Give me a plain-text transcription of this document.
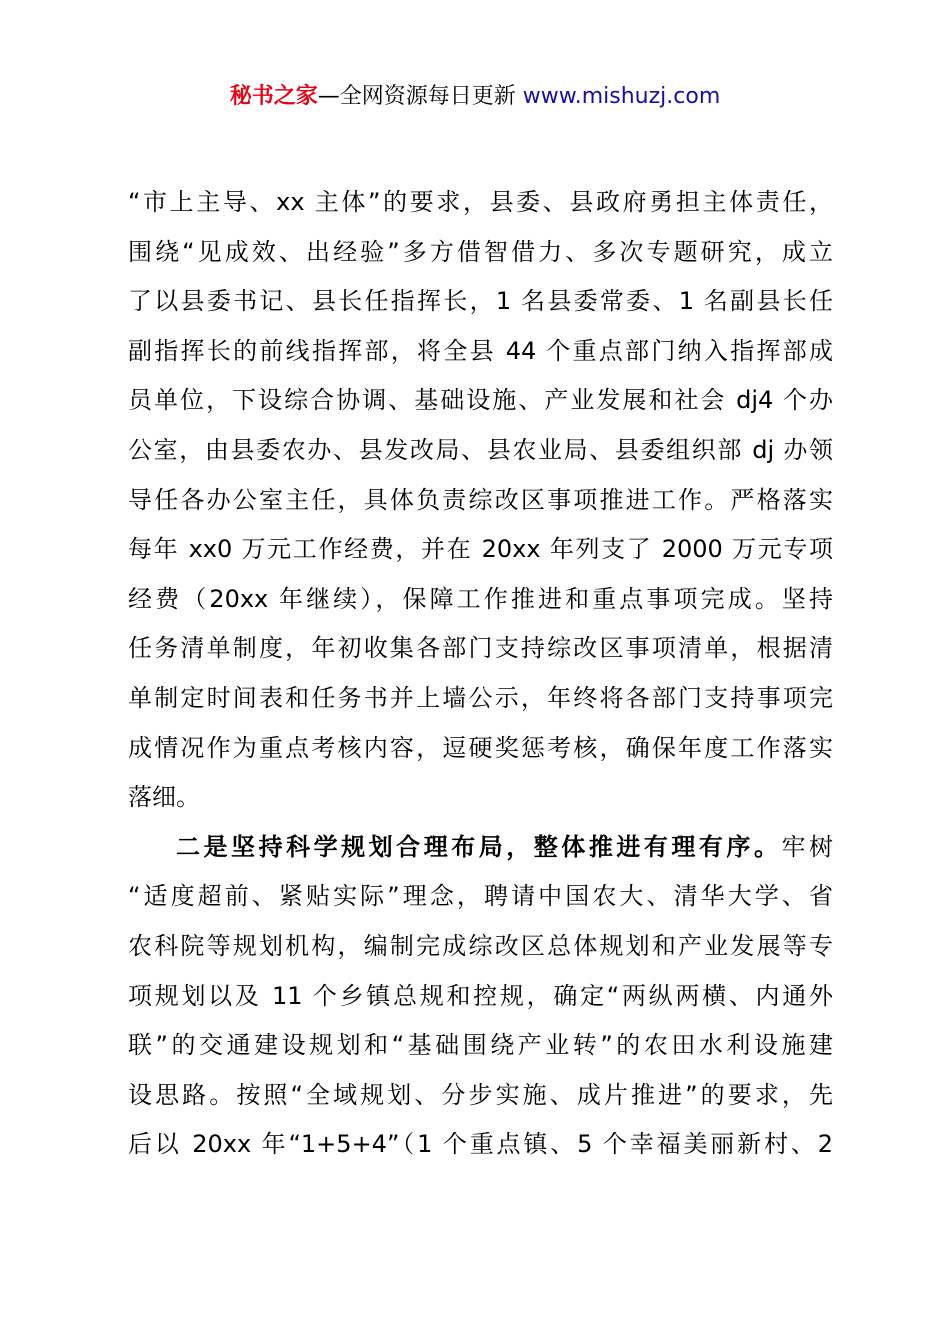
秘书之家—全网资源每日更新 www.mishuzj.com
“市上主导、xx 主体”的要求，县委、县政府勇担主体责任，
围绕“见成效、出经验”多方借智借力、多次专题研究，成立
了以县委书记、县长任指挥长，1 名县委常委、1 名副县长任
副指挥长的前线指挥部，将全县 44 个重点部门纳入指挥部成
员单位，下设综合协调、基础设施、产业发展和社会 dj4 个办
公室，由县委农办、县发改局、县农业局、县委组织部 dj 办领
导任各办公室主任，具体负责综改区事项推进工作。严格落实
每年 xx0 万元工作经费，并在 20xx 年列支了 2000 万元专项
经费（20xx 年继续），保障工作推进和重点事项完成。坚持
任务清单制度，年初收集各部门支持综改区事项清单，根据清
单制定时间表和任务书并上墙公示，年终将各部门支持事项完
成情况作为重点考核内容，逗硬奖惩考核，确保年度工作落实
落细。
二是坚持科学规划合理布局，整体推进有理有序。牢树
“适度超前、紧贴实际”理念，聘请中国农大、清华大学、省
农科院等规划机构，编制完成综改区总体规划和产业发展等专
项规划以及 11 个乡镇总规和控规，确定“两纵两横、内通外
联”的交通建设规划和“基础围绕产业转”的农田水利设施建
设思路。按照“全域规划、分步实施、成片推进”的要求，先
后以 20xx 年“1+5+4”（1 个重点镇、5 个幸福美丽新村、2
